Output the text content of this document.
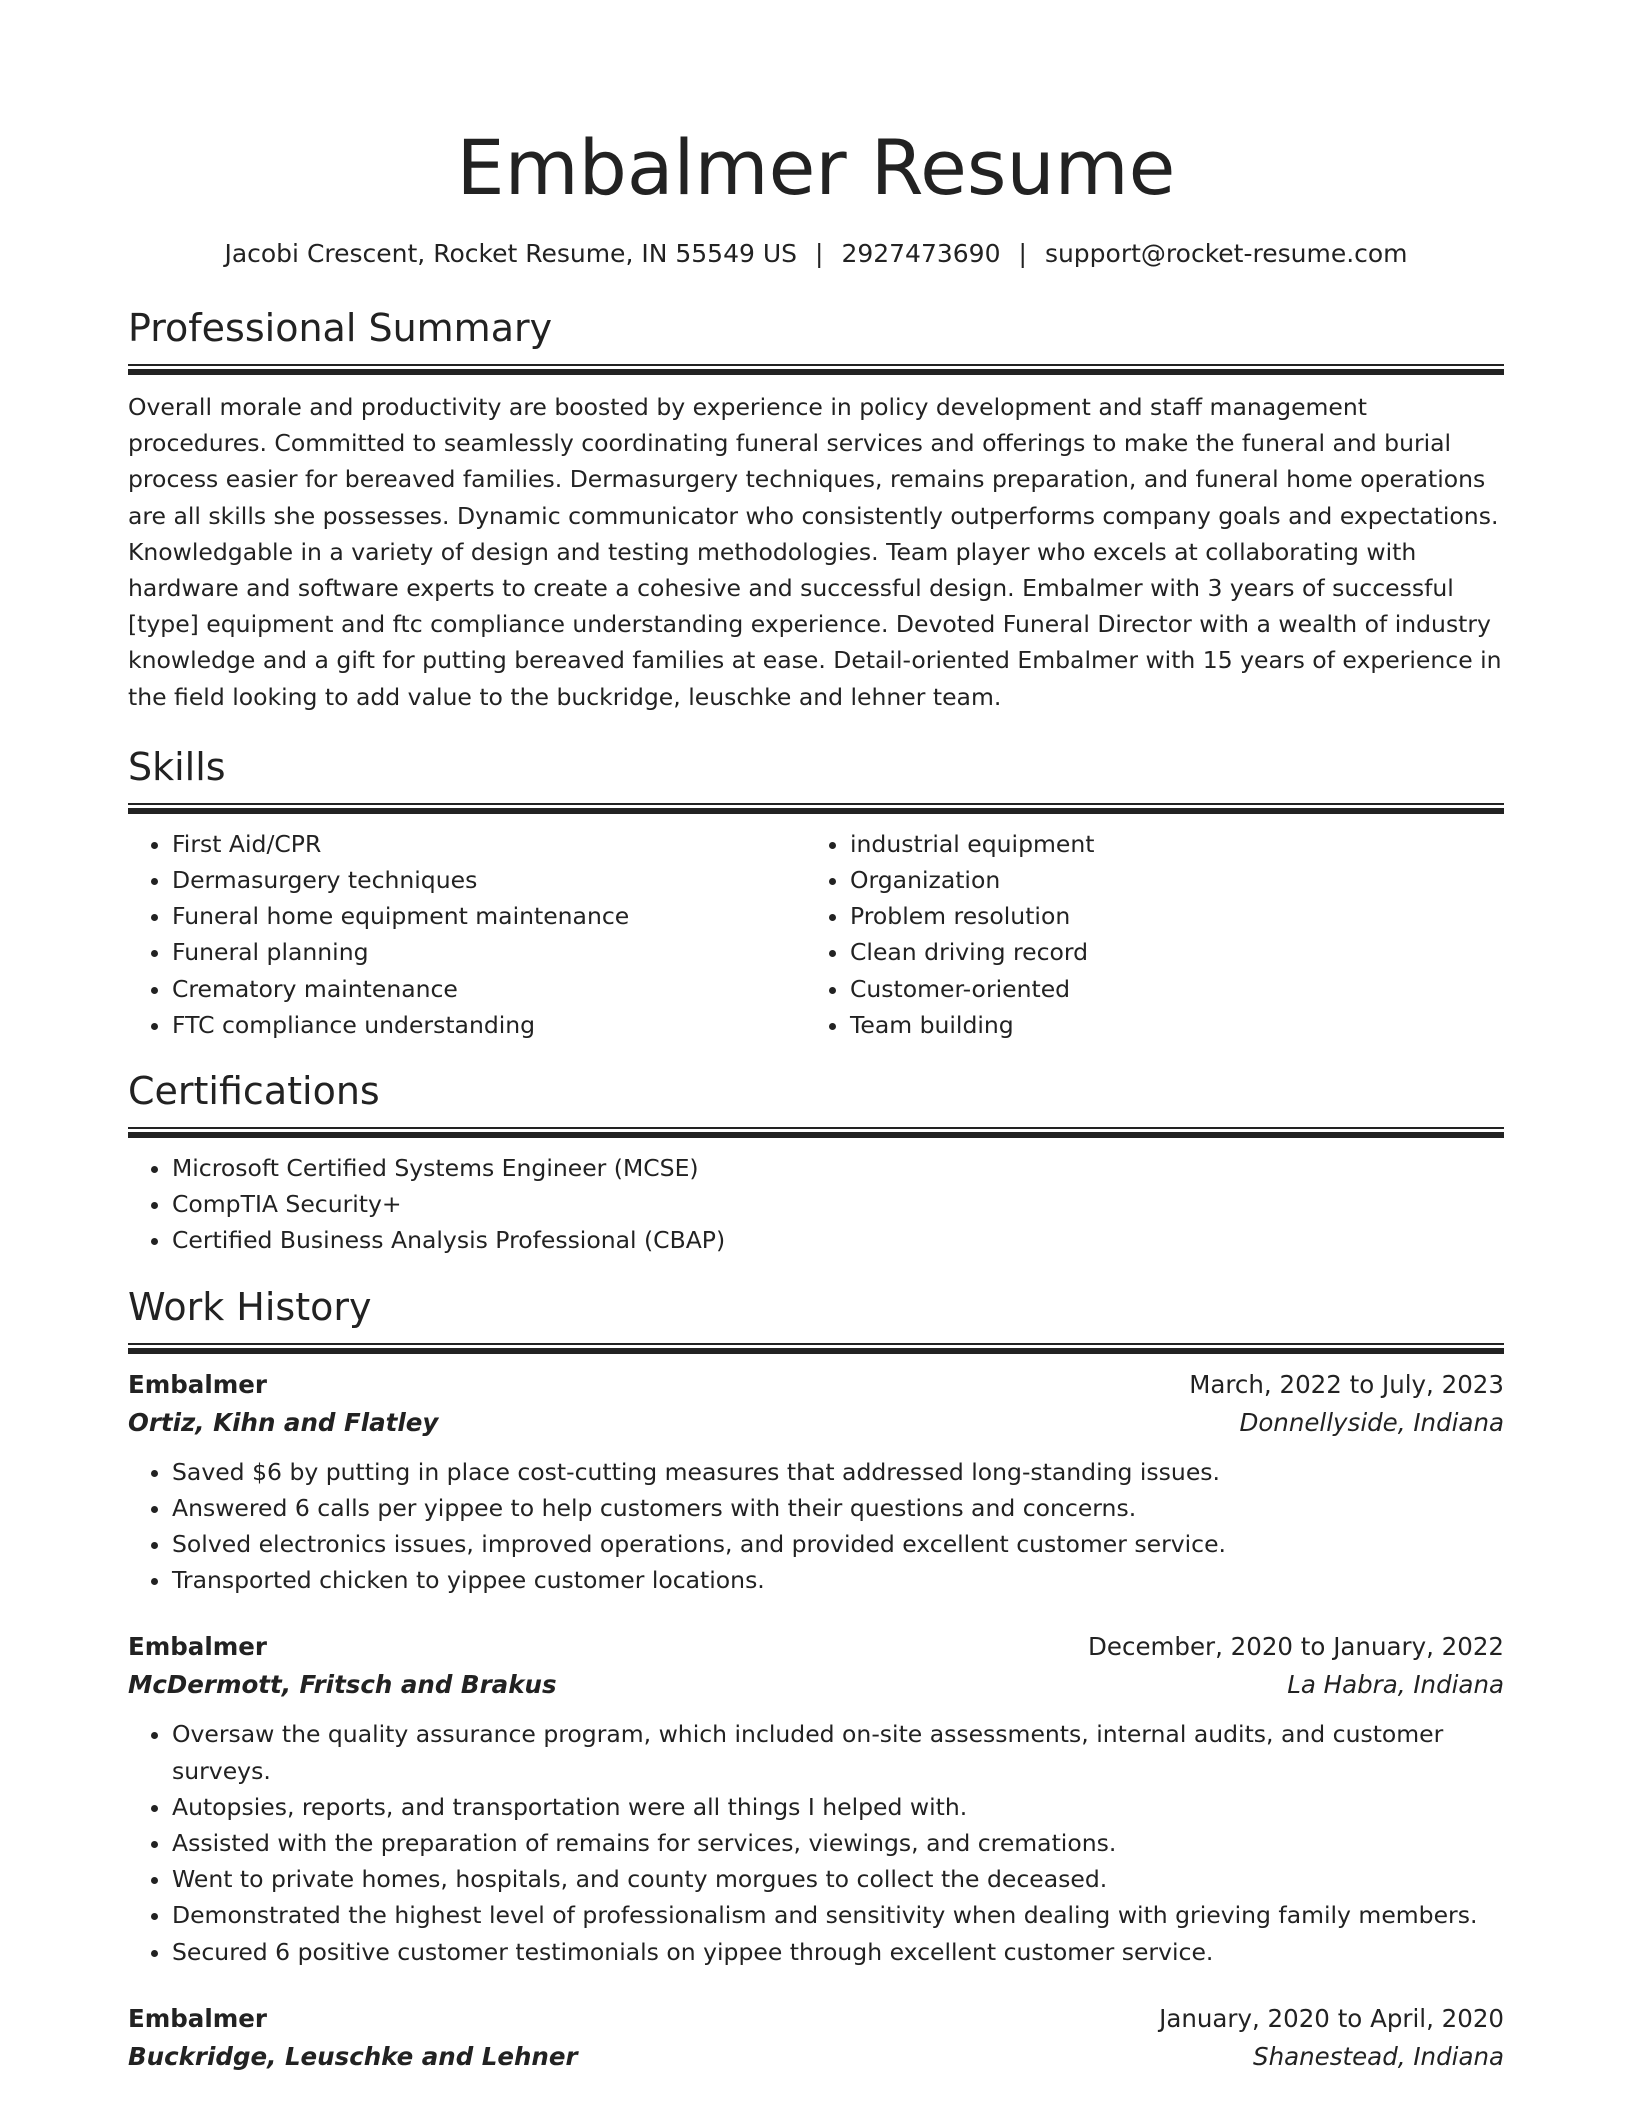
Embalmer Resume
Jacobi Crescent, Rocket Resume, IN 55549 US | 2927473690 | support@rocket-resume.com
Professional Summary

Overall morale and productivity are boosted by experience in policy development and staff management procedures. Committed to seamlessly coordinating funeral services and offerings to make the funeral and burial process easier for bereaved families. Dermasurgery techniques, remains preparation, and funeral home operations are all skills she possesses. Dynamic communicator who consistently outperforms company goals and expectations. Knowledgable in a variety of design and testing methodologies. Team player who excels at collaborating with hardware and software experts to create a cohesive and successful design. Embalmer with 3 years of successful [type] equipment and ftc compliance understanding experience. Devoted Funeral Director with a wealth of industry knowledge and a gift for putting bereaved families at ease. Detail-oriented Embalmer with 15 years of experience in the field looking to add value to the buckridge, leuschke and lehner team.

Skills
• First Aid/CPR
• Dermasurgery techniques
• Funeral home equipment maintenance
• Funeral planning
• Crematory maintenance
• FTC compliance understanding
• industrial equipment
• Organization
• Problem resolution
• Clean driving record
• Customer-oriented
• Team building
Certifications
• Microsoft Certified Systems Engineer (MCSE)
• CompTIA Security+
• Certified Business Analysis Professional (CBAP)
Work History
Embalmer	March, 2022 to July, 2023
Ortiz, Kihn and Flatley	Donnellyside, Indiana
• Saved $6 by putting in place cost-cutting measures that addressed long-standing issues.
• Answered 6 calls per yippee to help customers with their questions and concerns.
• Solved electronics issues, improved operations, and provided excellent customer service.
• Transported chicken to yippee customer locations.
Embalmer	December, 2020 to January, 2022
McDermott, Fritsch and Brakus	La Habra, Indiana
• Oversaw the quality assurance program, which included on-site assessments, internal audits, and customer surveys.
• Autopsies, reports, and transportation were all things I helped with.
• Assisted with the preparation of remains for services, viewings, and cremations.
• Went to private homes, hospitals, and county morgues to collect the deceased.
• Demonstrated the highest level of professionalism and sensitivity when dealing with grieving family members.
• Secured 6 positive customer testimonials on yippee through excellent customer service.
Embalmer	January, 2020 to April, 2020
Buckridge, Leuschke and Lehner	Shanestead, Indiana
